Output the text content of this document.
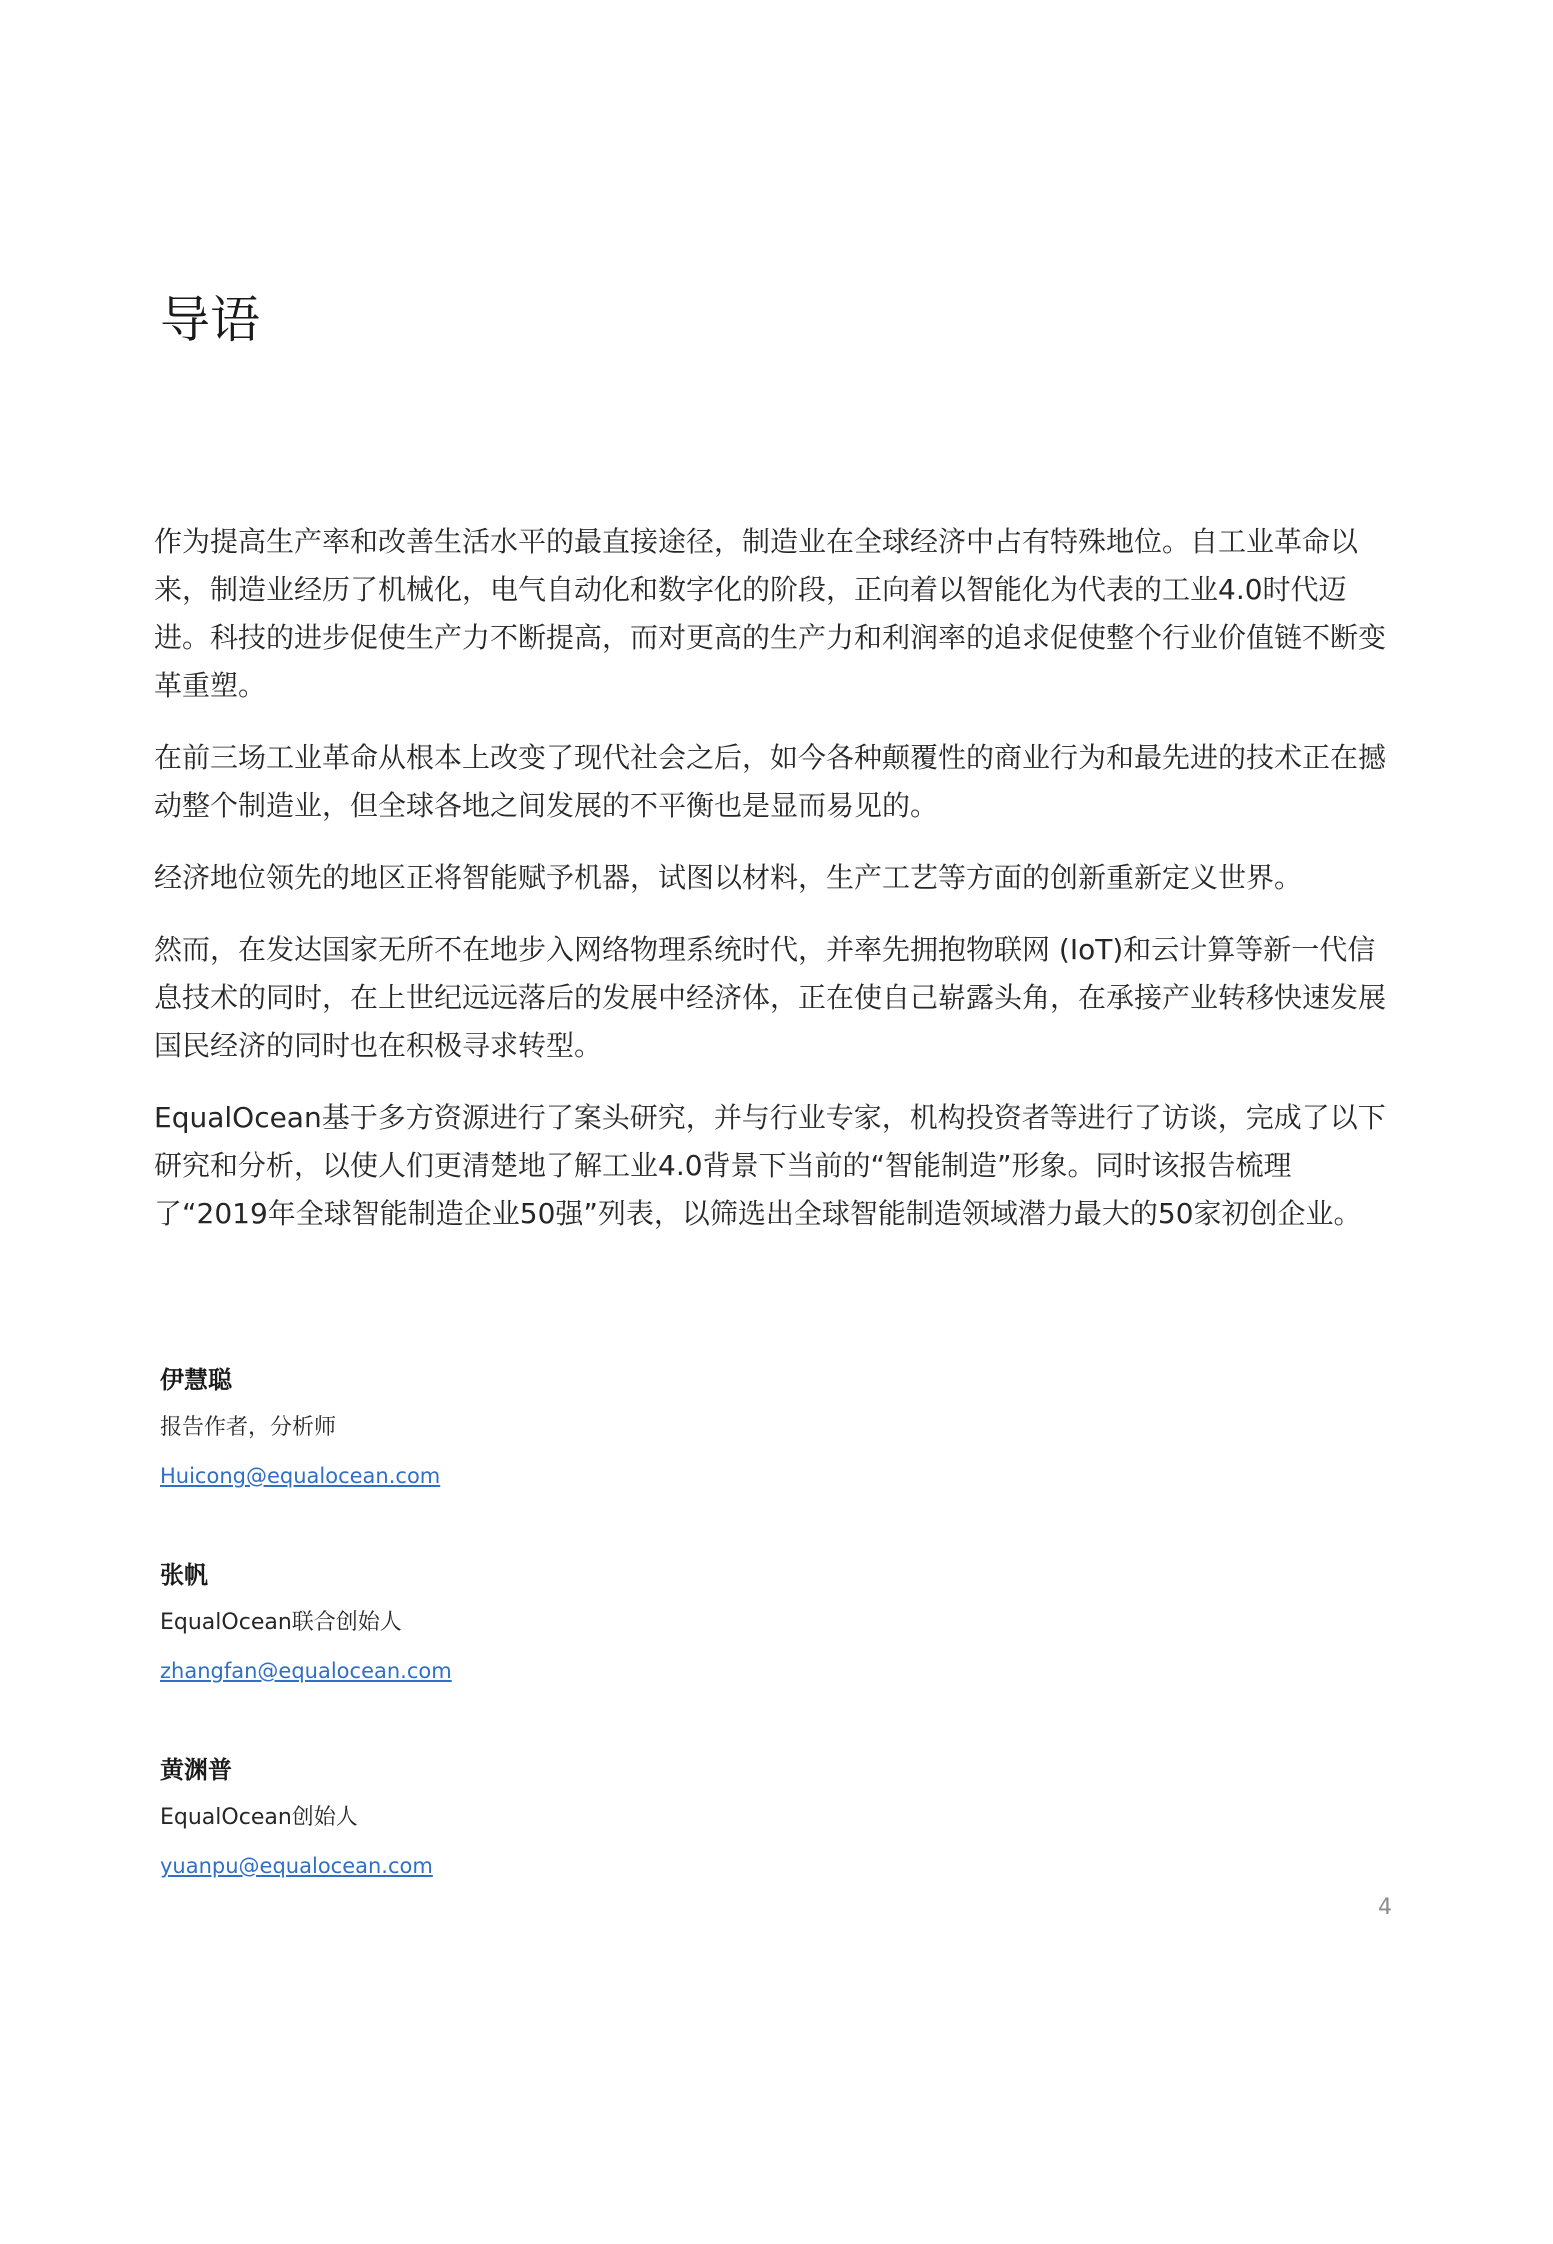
导语

作为提高生产率和改善生活水平的最直接途径，制造业在全球经济中占有特殊地位。自工业革命以来，制造业经历了机械化，电气自动化和数字化的阶段，正向着以智能化为代表的工业4.0时代迈进。科技的进步促使生产力不断提高，而对更高的生产力和利润率的追求促使整个行业价值链不断变革重塑。

在前三场工业革命从根本上改变了现代社会之后，如今各种颠覆性的商业行为和最先进的技术正在撼动整个制造业，但全球各地之间发展的不平衡也是显而易见的。

经济地位领先的地区正将智能赋予机器，试图以材料，生产工艺等方面的创新重新定义世界。

然而，在发达国家无所不在地步入网络物理系统时代，并率先拥抱物联网 (IoT)和云计算等新一代信息技术的同时，在上世纪远远落后的发展中经济体，正在使自己崭露头角，在承接产业转移快速发展国民经济的同时也在积极寻求转型。

EqualOcean基于多方资源进行了案头研究，并与行业专家，机构投资者等进行了访谈，完成了以下研究和分析，以使人们更清楚地了解工业4.0背景下当前的“智能制造”形象。同时该报告梳理了“2019年全球智能制造企业50强”列表，以筛选出全球智能制造领域潜力最大的50家初创企业。

伊慧聪

报告作者，分析师

Huicong@equalocean.com

张帆

EqualOcean联合创始人

zhangfan@equalocean.com

黄渊普

EqualOcean创始人

yuanpu@equalocean.com
4
